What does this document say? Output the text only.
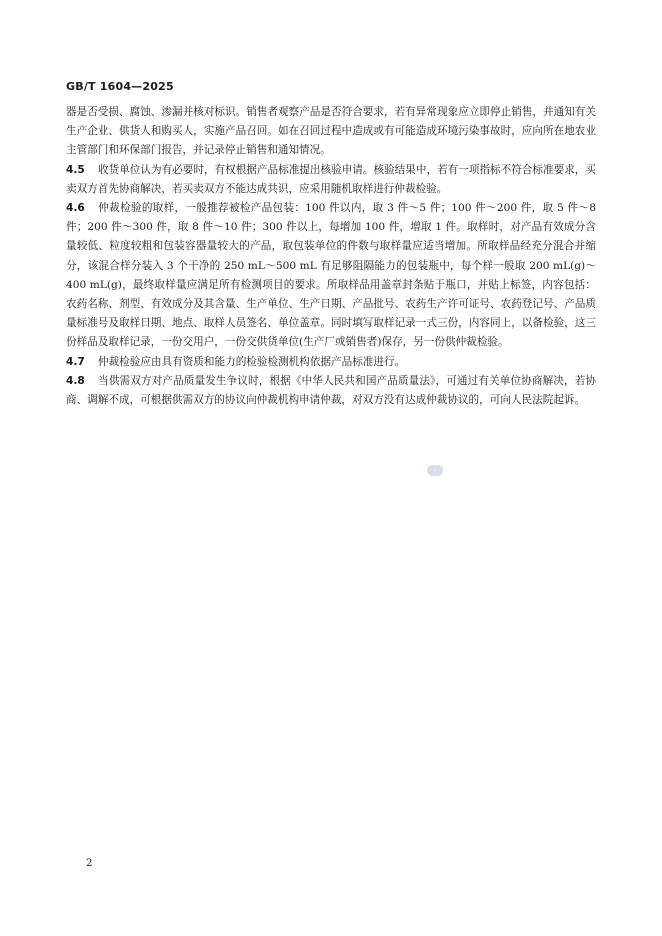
GB/T 1604—2025

器是否受损、腐蚀、渗漏并核对标识。销售者观察产品是否符合要求，若有异常现象应立即停止销售，并通知有关生产企业、供货人和购买人，实施产品召回。如在召回过程中造成或有可能造成环境污染事故时，应向所在地农业主管部门和环保部门报告，并记录停止销售和通知情况。

4.5 收货单位认为有必要时，有权根据产品标准提出核验申请。核验结果中，若有一项指标不符合标准要求，买卖双方首先协商解决，若买卖双方不能达成共识，应采用随机取样进行仲裁检验。

4.6 仲裁检验的取样，一般推荐被检产品包装：100 件以内，取 3 件～5 件；100 件～200 件，取 5 件～8 件；200 件～300 件，取 8 件～10 件；300 件以上，每增加 100 件，增取 1 件。取样时，对产品有效成分含量较低、粒度较粗和包装容器量较大的产品，取包装单位的件数与取样量应适当增加。所取样品经充分混合并缩分，该混合样分装入 3 个干净的 250 mL～500 mL 有足够阻隔能力的包装瓶中，每个样一般取 200 mL(g)～400 mL(g)，最终取样量应满足所有检测项目的要求。所取样品用盖章封条贴于瓶口，并贴上标签，内容包括：农药名称、剂型、有效成分及其含量、生产单位、生产日期、产品批号、农药生产许可证号、农药登记号、产品质量标准号及取样日期、地点、取样人员签名、单位盖章。同时填写取样记录一式三份，内容同上，以备检验，这三份样品及取样记录，一份交用户，一份交供货单位(生产厂或销售者)保存，另一份供仲裁检验。

4.7 仲裁检验应由具有资质和能力的检验检测机构依据产品标准进行。

4.8 当供需双方对产品质量发生争议时，根据《中华人民共和国产品质量法》，可通过有关单位协商解决，若协商、调解不成，可根据供需双方的协议向仲裁机构申请仲裁，对双方没有达成仲裁协议的，可向人民法院起诉。

✦
2
